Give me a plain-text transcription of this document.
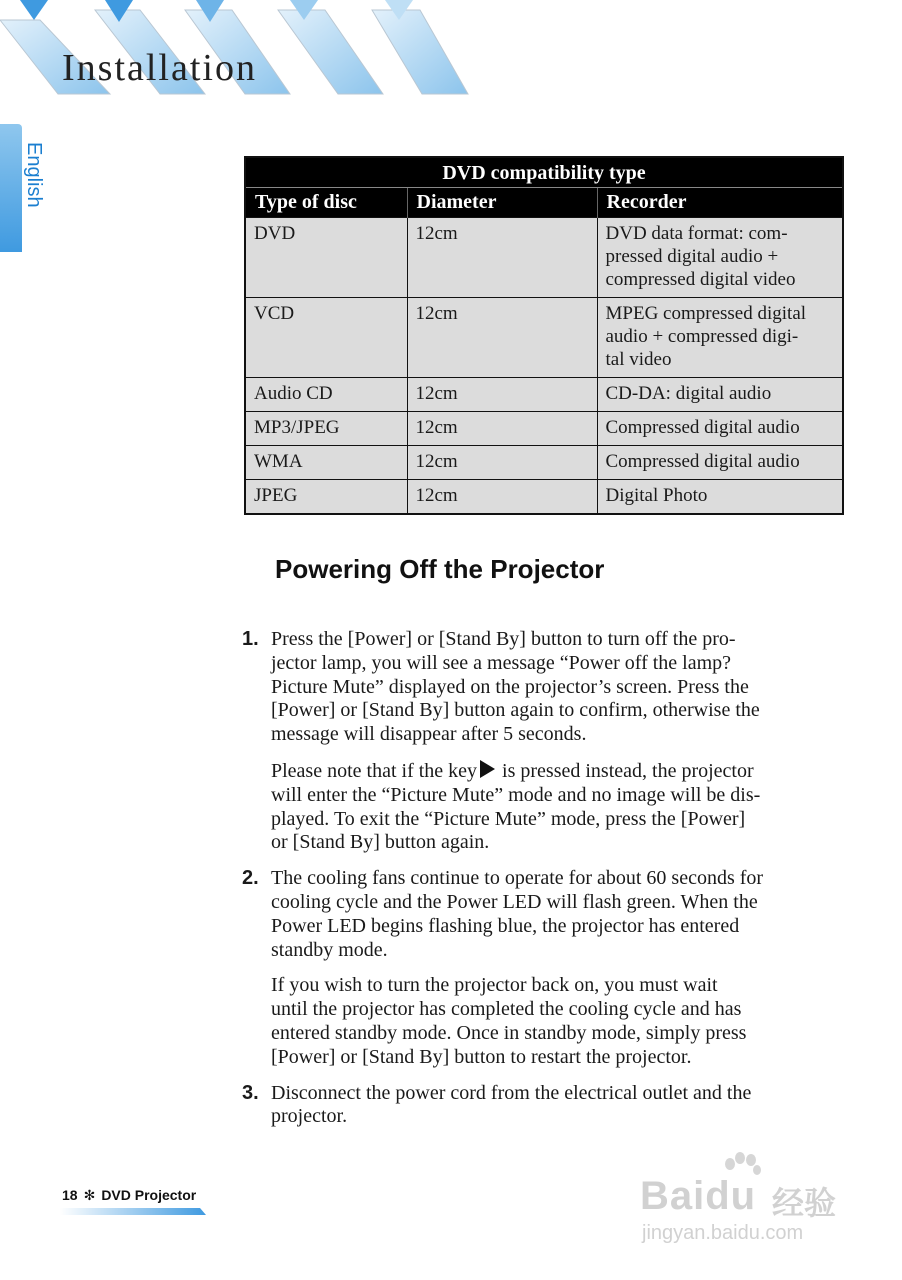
Installation
English	DVD compatibility type		
Type of disc	Diameter	Recorder
DVD	12cm	DVD data format: com-
pressed digital audio +
compressed digital video
VCD	12cm	MPEG compressed digital
audio + compressed digi-
tal video
Audio CD	12cm	CD-DA: digital audio
MP3/JPEG	12cm	Compressed digital audio
WMA	12cm	Compressed digital audio
JPEG	12cm	Digital Photo
Powering Off the Projector
1. Press the [Power] or [Stand By] button to turn off the pro-
jector lamp, you will see a message “Power off the lamp?
Picture Mute” displayed on the projector’s screen. Press the
[Power] or [Stand By] button again to confirm, otherwise the
message will disappear after 5 seconds.

Please note that if the key is pressed instead, the projector
will enter the “Picture Mute” mode and no image will be dis-
played. To exit the “Picture Mute” mode, press the [Power]
or [Stand By] button again.

2. The cooling fans continue to operate for about 60 seconds for
cooling cycle and the Power LED will flash green. When the
Power LED begins flashing blue, the projector has entered
standby mode.

If you wish to turn the projector back on, you must wait
until the projector has completed the cooling cycle and has
entered standby mode. Once in standby mode, simply press
[Power] or [Stand By] button to restart the projector.

3. Disconnect the power cord from the electrical outlet and the
projector.

18 ✻ DVD Projector	Baidu 经验
jingyan.baidu.com
